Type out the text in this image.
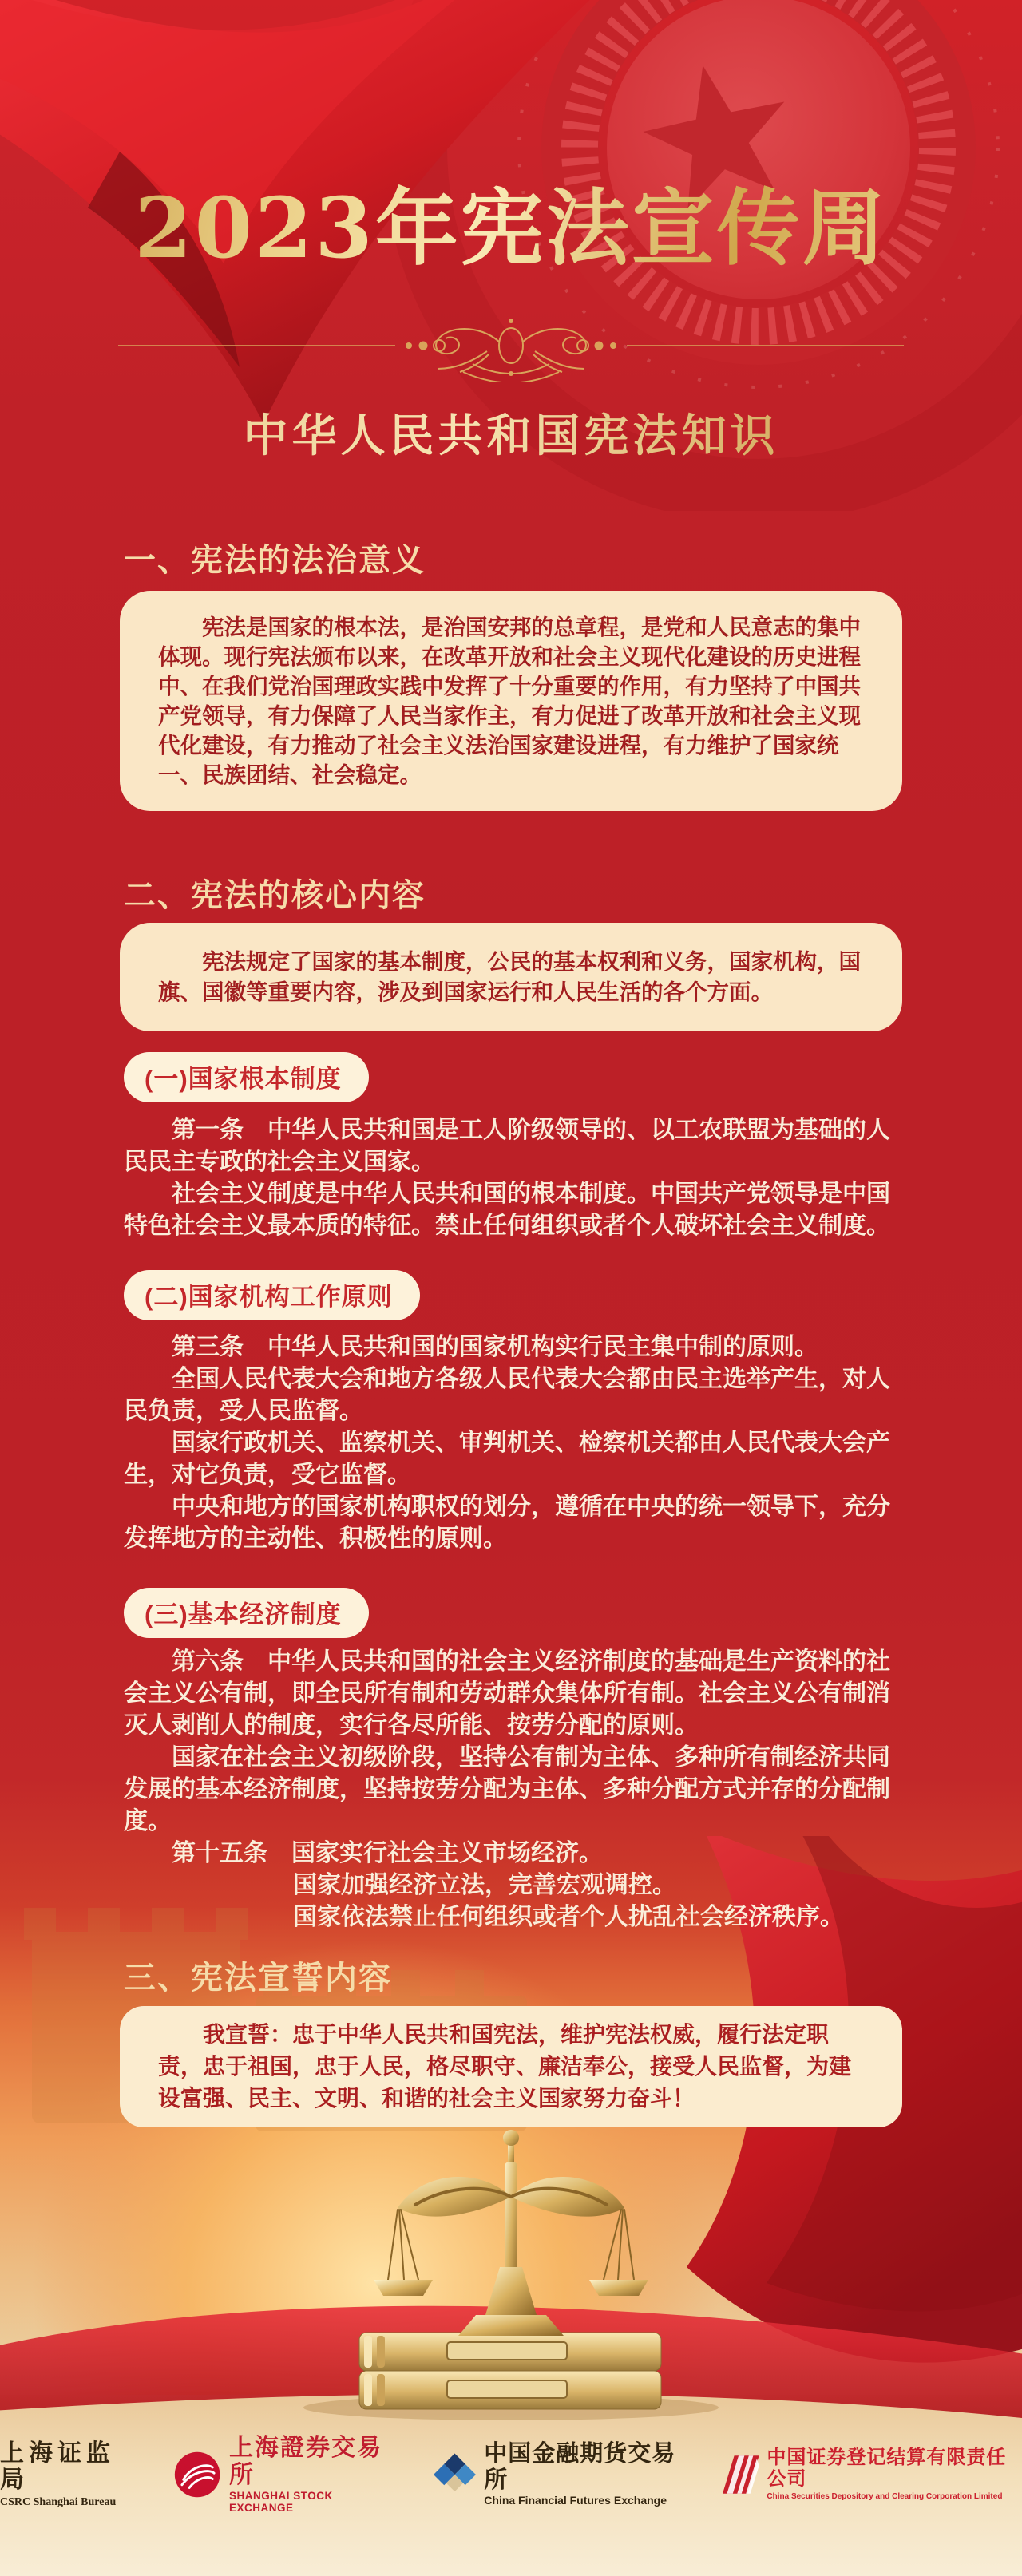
2023年宪法宣传周
中华人民共和国宪法知识
一、宪法的法治意义

宪法是国家的根本法，是治国安邦的总章程，是党和人民意志的集中体现。现行宪法颁布以来，在改革开放和社会主义现代化建设的历史进程中、在我们党治国理政实践中发挥了十分重要的作用，有力坚持了中国共产党领导，有力保障了人民当家作主，有力促进了改革开放和社会主义现代化建设，有力推动了社会主义法治国家建设进程，有力维护了国家统一、民族团结、社会稳定。

二、宪法的核心内容

宪法规定了国家的基本制度，公民的基本权利和义务，国家机构，国旗、国徽等重要内容，涉及到国家运行和人民生活的各个方面。

(一)国家根本制度

第一条　中华人民共和国是工人阶级领导的、以工农联盟为基础的人民民主专政的社会主义国家。

社会主义制度是中华人民共和国的根本制度。中国共产党领导是中国特色社会主义最本质的特征。禁止任何组织或者个人破坏社会主义制度。

(二)国家机构工作原则

第三条　中华人民共和国的国家机构实行民主集中制的原则。

全国人民代表大会和地方各级人民代表大会都由民主选举产生，对人民负责，受人民监督。

国家行政机关、监察机关、审判机关、检察机关都由人民代表大会产生，对它负责，受它监督。

中央和地方的国家机构职权的划分，遵循在中央的统一领导下，充分发挥地方的主动性、积极性的原则。

(三)基本经济制度

第六条　中华人民共和国的社会主义经济制度的基础是生产资料的社会主义公有制，即全民所有制和劳动群众集体所有制。社会主义公有制消灭人剥削人的制度，实行各尽所能、按劳分配的原则。

国家在社会主义初级阶段，坚持公有制为主体、多种所有制经济共同发展的基本经济制度，坚持按劳分配为主体、多种分配方式并存的分配制度。

第十五条　国家实行社会主义市场经济。

国家加强经济立法，完善宏观调控。

国家依法禁止任何组织或者个人扰乱社会经济秩序。

三、宪法宣誓内容

我宣誓：忠于中华人民共和国宪法，维护宪法权威，履行法定职责，忠于祖国，忠于人民，格尽职守、廉洁奉公，接受人民监督，为建设富强、民主、文明、和谐的社会主义国家努力奋斗！

上海证监局
CSRC Shanghai Bureau
上海證券交易所
SHANGHAI STOCK EXCHANGE
中国金融期货交易所
China Financial Futures Exchange
中国证券登记结算有限责任公司
China Securities Depository and Clearing Corporation Limited
